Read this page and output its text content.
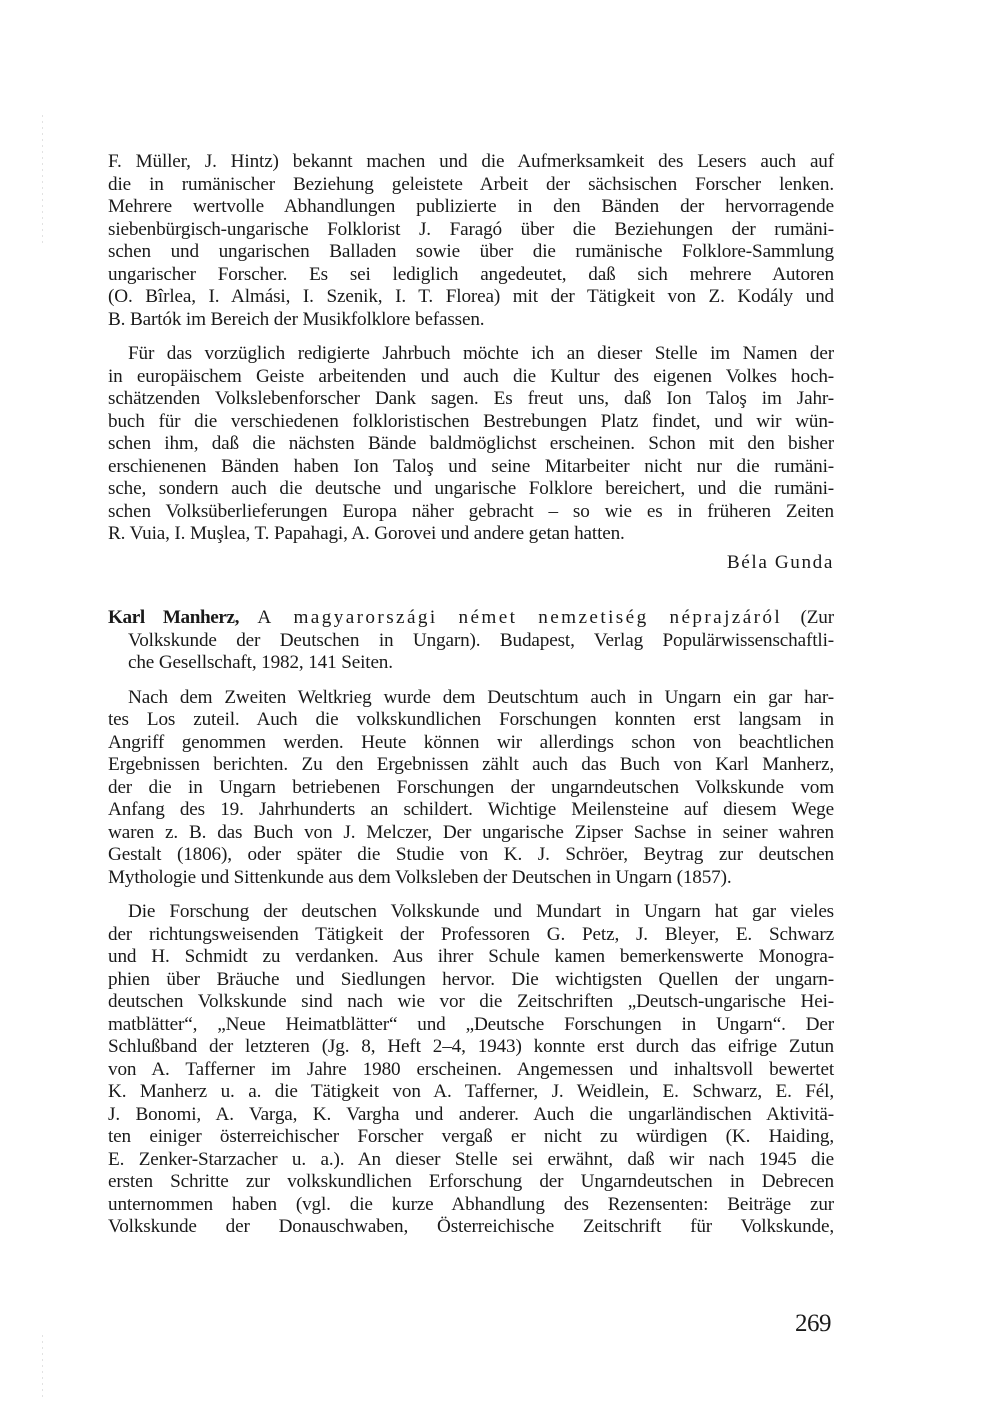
F. Müller, J. Hintz) bekannt machen und die Aufmerksamkeit des Lesers auch auf
die in rumänischer Beziehung geleistete Arbeit der sächsischen Forscher lenken.
Mehrere wertvolle Abhandlungen publizierte in den Bänden der hervorragende
siebenbürgisch-ungarische Folklorist J. Faragó über die Beziehungen der rumäni-
schen und ungarischen Balladen sowie über die rumänische Folklore-Sammlung
ungarischer Forscher. Es sei lediglich angedeutet, daß sich mehrere Autoren
(O. Bîrlea, I. Almási, I. Szenik, I. T. Florea) mit der Tätigkeit von Z. Kodály und
B. Bartók im Bereich der Musikfolklore befassen.
Für das vorzüglich redigierte Jahrbuch möchte ich an dieser Stelle im Namen der
in europäischem Geiste arbeitenden und auch die Kultur des eigenen Volkes hoch-
schätzenden Volkslebenforscher Dank sagen. Es freut uns, daß Ion Taloş im Jahr-
buch für die verschiedenen folkloristischen Bestrebungen Platz findet, und wir wün-
schen ihm, daß die nächsten Bände baldmöglichst erscheinen. Schon mit den bisher
erschienenen Bänden haben Ion Taloş und seine Mitarbeiter nicht nur die rumäni-
sche, sondern auch die deutsche und ungarische Folklore bereichert, und die rumäni-
schen Volksüberlieferungen Europa näher gebracht – so wie es in früheren Zeiten
R. Vuia, I. Muşlea, T. Papahagi, A. Gorovei und andere getan hatten.
Béla Gunda
Karl Manherz, A magyarországi német nemzetiség néprajzáról (Zur
Volkskunde der Deutschen in Ungarn). Budapest, Verlag Populärwissenschaftli-
che Gesellschaft, 1982, 141 Seiten.
Nach dem Zweiten Weltkrieg wurde dem Deutschtum auch in Ungarn ein gar har-
tes Los zuteil. Auch die volkskundlichen Forschungen konnten erst langsam in
Angriff genommen werden. Heute können wir allerdings schon von beachtlichen
Ergebnissen berichten. Zu den Ergebnissen zählt auch das Buch von Karl Manherz,
der die in Ungarn betriebenen Forschungen der ungarndeutschen Volkskunde vom
Anfang des 19. Jahrhunderts an schildert. Wichtige Meilensteine auf diesem Wege
waren z. B. das Buch von J. Melczer, Der ungarische Zipser Sachse in seiner wahren
Gestalt (1806), oder später die Studie von K. J. Schröer, Beytrag zur deutschen
Mythologie und Sittenkunde aus dem Volksleben der Deutschen in Ungarn (1857).
Die Forschung der deutschen Volkskunde und Mundart in Ungarn hat gar vieles
der richtungsweisenden Tätigkeit der Professoren G. Petz, J. Bleyer, E. Schwarz
und H. Schmidt zu verdanken. Aus ihrer Schule kamen bemerkenswerte Monogra-
phien über Bräuche und Siedlungen hervor. Die wichtigsten Quellen der ungarn-
deutschen Volkskunde sind nach wie vor die Zeitschriften „Deutsch-ungarische Hei-
matblätter“, „Neue Heimatblätter“ und „Deutsche Forschungen in Ungarn“. Der
Schlußband der letzteren (Jg. 8, Heft 2–4, 1943) konnte erst durch das eifrige Zutun
von A. Tafferner im Jahre 1980 erscheinen. Angemessen und inhaltsvoll bewertet
K. Manherz u. a. die Tätigkeit von A. Tafferner, J. Weidlein, E. Schwarz, E. Fél,
J. Bonomi, A. Varga, K. Vargha und anderer. Auch die ungarländischen Aktivitä-
ten einiger österreichischer Forscher vergaß er nicht zu würdigen (K. Haiding,
E. Zenker-Starzacher u. a.). An dieser Stelle sei erwähnt, daß wir nach 1945 die
ersten Schritte zur volkskundlichen Erforschung der Ungarndeutschen in Debrecen
unternommen haben (vgl. die kurze Abhandlung des Rezensenten: Beiträge zur
Volkskunde der Donauschwaben, Österreichische Zeitschrift für Volkskunde,
269
